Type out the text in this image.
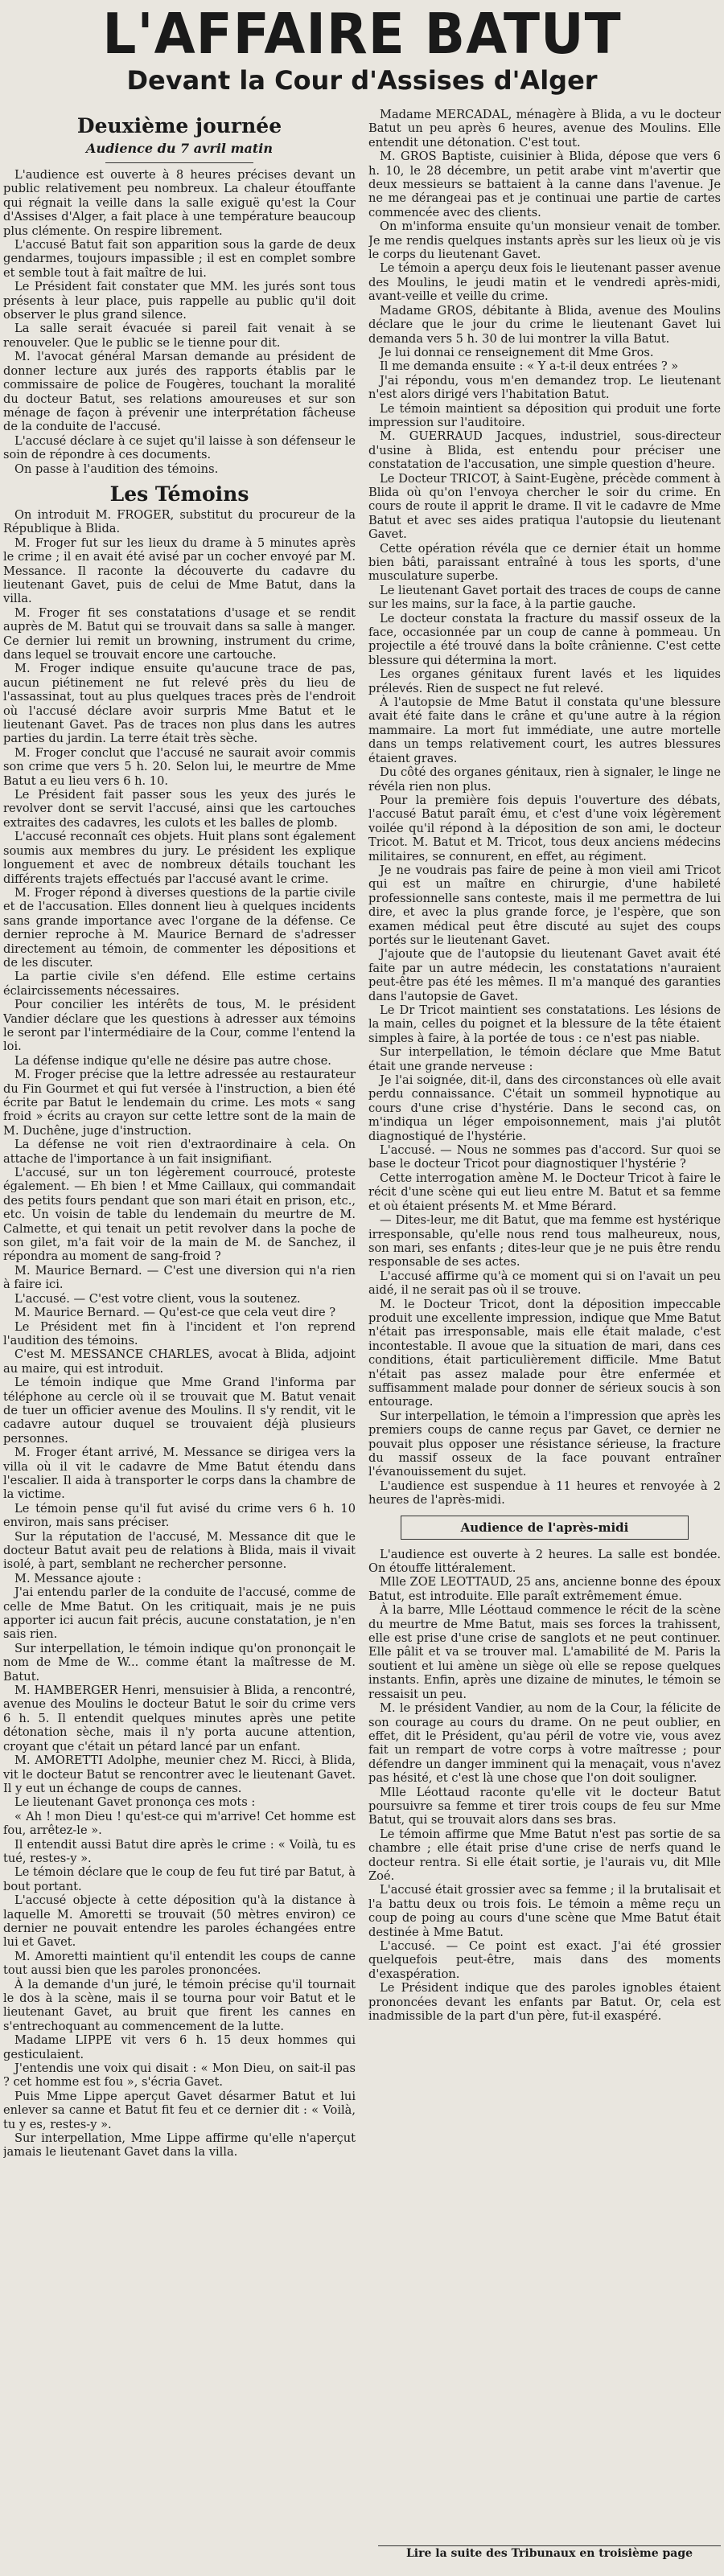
L'AFFAIRE BATUT
Devant la Cour d'Assises d'Alger
Deuxième journée
Audience du 7 avril matin

L'audience est ouverte à 8 heures précises devant un public relativement peu nombreux. La chaleur étouffante qui régnait la veille dans la salle exiguë qu'est la Cour d'Assises d'Alger, a fait place à une température beaucoup plus clémente. On respire librement.

L'accusé Batut fait son apparition sous la garde de deux gendarmes, toujours impassible ; il est en complet sombre et semble tout à fait maître de lui.

Le Président fait constater que MM. les jurés sont tous présents à leur place, puis rappelle au public qu'il doit observer le plus grand silence.

La salle serait évacuée si pareil fait venait à se renouveler. Que le public se le tienne pour dit.

M. l'avocat général Marsan demande au président de donner lecture aux jurés des rapports établis par le commissaire de police de Fougères, touchant la moralité du docteur Batut, ses relations amoureuses et sur son ménage de façon à prévenir une interprétation fâcheuse de la conduite de l'accusé.

L'accusé déclare à ce sujet qu'il laisse à son défenseur le soin de répondre à ces documents.

On passe à l'audition des témoins.

Les Témoins

On introduit M. FROGER, substitut du procureur de la République à Blida.

M. Froger fut sur les lieux du drame à 5 minutes après le crime ; il en avait été avisé par un cocher envoyé par M. Messance. Il raconte la découverte du cadavre du lieutenant Gavet, puis de celui de Mme Batut, dans la villa.

M. Froger fit ses constatations d'usage et se rendit auprès de M. Batut qui se trouvait dans sa salle à manger. Ce dernier lui remit un browning, instrument du crime, dans lequel se trouvait encore une cartouche.

M. Froger indique ensuite qu'aucune trace de pas, aucun piétinement ne fut relevé près du lieu de l'assassinat, tout au plus quelques traces près de l'endroit où l'accusé déclare avoir surpris Mme Batut et le lieutenant Gavet. Pas de traces non plus dans les autres parties du jardin. La terre était très sèche.

M. Froger conclut que l'accusé ne saurait avoir commis son crime que vers 5 h. 20. Selon lui, le meurtre de Mme Batut a eu lieu vers 6 h. 10.

Le Président fait passer sous les yeux des jurés le revolver dont se servit l'accusé, ainsi que les cartouches extraites des cadavres, les culots et les balles de plomb.

L'accusé reconnaît ces objets. Huit plans sont également soumis aux membres du jury. Le président les explique longuement et avec de nombreux détails touchant les différents trajets effectués par l'accusé avant le crime.

M. Froger répond à diverses questions de la partie civile et de l'accusation. Elles donnent lieu à quelques incidents sans grande importance avec l'organe de la défense. Ce dernier reproche à M. Maurice Bernard de s'adresser directement au témoin, de commenter les dépositions et de les discuter.

La partie civile s'en défend. Elle estime certains éclaircissements nécessaires.

Pour concilier les intérêts de tous, M. le président Vandier déclare que les questions à adresser aux témoins le seront par l'intermédiaire de la Cour, comme l'entend la loi.

La défense indique qu'elle ne désire pas autre chose.

M. Froger précise que la lettre adressée au restaurateur du Fin Gourmet et qui fut versée à l'instruction, a bien été écrite par Batut le lendemain du crime. Les mots « sang froid » écrits au crayon sur cette lettre sont de la main de M. Duchêne, juge d'instruction.

La défense ne voit rien d'extraordinaire à cela. On attache de l'importance à un fait insignifiant.

L'accusé, sur un ton légèrement courroucé, proteste également. — Eh bien ! et Mme Caillaux, qui commandait des petits fours pendant que son mari était en prison, etc., etc. Un voisin de table du lendemain du meurtre de M. Calmette, et qui tenait un petit revolver dans la poche de son gilet, m'a fait voir de la main de M. de Sanchez, il répondra au moment de sang-froid ?

M. Maurice Bernard. — C'est une diversion qui n'a rien à faire ici.

L'accusé. — C'est votre client, vous la soutenez.

M. Maurice Bernard. — Qu'est-ce que cela veut dire ?

Le Président met fin à l'incident et l'on reprend l'audition des témoins.

C'est M. MESSANCE CHARLES, avocat à Blida, adjoint au maire, qui est introduit.

Le témoin indique que Mme Grand l'informa par téléphone au cercle où il se trouvait que M. Batut venait de tuer un officier avenue des Moulins. Il s'y rendit, vit le cadavre autour duquel se trouvaient déjà plusieurs personnes.

M. Froger étant arrivé, M. Messance se dirigea vers la villa où il vit le cadavre de Mme Batut étendu dans l'escalier. Il aida à transporter le corps dans la chambre de la victime.

Le témoin pense qu'il fut avisé du crime vers 6 h. 10 environ, mais sans préciser.

Sur la réputation de l'accusé, M. Messance dit que le docteur Batut avait peu de relations à Blida, mais il vivait isolé, à part, semblant ne rechercher personne.

M. Messance ajoute :

J'ai entendu parler de la conduite de l'accusé, comme de celle de Mme Batut. On les critiquait, mais je ne puis apporter ici aucun fait précis, aucune constatation, je n'en sais rien.

Sur interpellation, le témoin indique qu'on prononçait le nom de Mme de W... comme étant la maîtresse de M. Batut.

M. HAMBERGER Henri, mensuisier à Blida, a rencontré, avenue des Moulins le docteur Batut le soir du crime vers 6 h. 5. Il entendit quelques minutes après une petite détonation sèche, mais il n'y porta aucune attention, croyant que c'était un pétard lancé par un enfant.

M. AMORETTI Adolphe, meunier chez M. Ricci, à Blida, vit le docteur Batut se rencontrer avec le lieutenant Gavet. Il y eut un échange de coups de cannes.

Le lieutenant Gavet prononça ces mots :

« Ah ! mon Dieu ! qu'est-ce qui m'arrive! Cet homme est fou, arrêtez-le ».

Il entendit aussi Batut dire après le crime : « Voilà, tu es tué, restes-y ».

Le témoin déclare que le coup de feu fut tiré par Batut, à bout portant.

L'accusé objecte à cette déposition qu'à la distance à laquelle M. Amoretti se trouvait (50 mètres environ) ce dernier ne pouvait entendre les paroles échangées entre lui et Gavet.

M. Amoretti maintient qu'il entendit les coups de canne tout aussi bien que les paroles prononcées.

À la demande d'un juré, le témoin précise qu'il tournait le dos à la scène, mais il se tourna pour voir Batut et le lieutenant Gavet, au bruit que firent les cannes en s'entrechoquant au commencement de la lutte.

Madame LIPPE vit vers 6 h. 15 deux hommes qui gesticulaient.

J'entendis une voix qui disait : « Mon Dieu, on sait-il pas ? cet homme est fou », s'écria Gavet.

Puis Mme Lippe aperçut Gavet désarmer Batut et lui enlever sa canne et Batut fit feu et ce dernier dit : « Voilà, tu y es, restes-y ».

Sur interpellation, Mme Lippe affirme qu'elle n'aperçut jamais le lieutenant Gavet dans la villa.

Madame MERCADAL, ménagère à Blida, a vu le docteur Batut un peu après 6 heures, avenue des Moulins. Elle entendit une détonation. C'est tout.

M. GROS Baptiste, cuisinier à Blida, dépose que vers 6 h. 10, le 28 décembre, un petit arabe vint m'avertir que deux messieurs se battaient à la canne dans l'avenue. Je ne me dérangeai pas et je continuai une partie de cartes commencée avec des clients.

On m'informa ensuite qu'un monsieur venait de tomber. Je me rendis quelques instants après sur les lieux où je vis le corps du lieutenant Gavet.

Le témoin a aperçu deux fois le lieutenant passer avenue des Moulins, le jeudi matin et le vendredi après-midi, avant-veille et veille du crime.

Madame GROS, débitante à Blida, avenue des Moulins déclare que le jour du crime le lieutenant Gavet lui demanda vers 5 h. 30 de lui montrer la villa Batut.

Je lui donnai ce renseignement dit Mme Gros.

Il me demanda ensuite : « Y a-t-il deux entrées ? »

J'ai répondu, vous m'en demandez trop. Le lieutenant n'est alors dirigé vers l'habitation Batut.

Le témoin maintient sa déposition qui produit une forte impression sur l'auditoire.

M. GUERRAUD Jacques, industriel, sous-directeur d'usine à Blida, est entendu pour préciser une constatation de l'accusation, une simple question d'heure.

Le Docteur TRICOT, à Saint-Eugène, précède comment à Blida où qu'on l'envoya chercher le soir du crime. En cours de route il apprit le drame. Il vit le cadavre de Mme Batut et avec ses aides pratiqua l'autopsie du lieutenant Gavet.

Cette opération révéla que ce dernier était un homme bien bâti, paraissant entraîné à tous les sports, d'une musculature superbe.

Le lieutenant Gavet portait des traces de coups de canne sur les mains, sur la face, à la partie gauche.

Le docteur constata la fracture du massif osseux de la face, occasionnée par un coup de canne à pommeau. Un projectile a été trouvé dans la boîte crânienne. C'est cette blessure qui détermina la mort.

Les organes génitaux furent lavés et les liquides prélevés. Rien de suspect ne fut relevé.

À l'autopsie de Mme Batut il constata qu'une blessure avait été faite dans le crâne et qu'une autre à la région mammaire. La mort fut immédiate, une autre mortelle dans un temps relativement court, les autres blessures étaient graves.

Du côté des organes génitaux, rien à signaler, le linge ne révéla rien non plus.

Pour la première fois depuis l'ouverture des débats, l'accusé Batut paraît ému, et c'est d'une voix légèrement voilée qu'il répond à la déposition de son ami, le docteur Tricot. M. Batut et M. Tricot, tous deux anciens médecins militaires, se connurent, en effet, au régiment.

Je ne voudrais pas faire de peine à mon vieil ami Tricot qui est un maître en chirurgie, d'une habileté professionnelle sans conteste, mais il me permettra de lui dire, et avec la plus grande force, je l'espère, que son examen médical peut être discuté au sujet des coups portés sur le lieutenant Gavet.

J'ajoute que de l'autopsie du lieutenant Gavet avait été faite par un autre médecin, les constatations n'auraient peut-être pas été les mêmes. Il m'a manqué des garanties dans l'autopsie de Gavet.

Le Dr Tricot maintient ses constatations. Les lésions de la main, celles du poignet et la blessure de la tête étaient simples à faire, à la portée de tous : ce n'est pas niable.

Sur interpellation, le témoin déclare que Mme Batut était une grande nerveuse :

Je l'ai soignée, dit-il, dans des circonstances où elle avait perdu connaissance. C'était un sommeil hypnotique au cours d'une crise d'hystérie. Dans le second cas, on m'indiqua un léger empoisonnement, mais j'ai plutôt diagnostiqué de l'hystérie.

L'accusé. — Nous ne sommes pas d'accord. Sur quoi se base le docteur Tricot pour diagnostiquer l'hystérie ?

Cette interrogation amène M. le Docteur Tricot à faire le récit d'une scène qui eut lieu entre M. Batut et sa femme et où étaient présents M. et Mme Bérard.

— Dites-leur, me dit Batut, que ma femme est hystérique irresponsable, qu'elle nous rend tous malheureux, nous, son mari, ses enfants ; dites-leur que je ne puis être rendu responsable de ses actes.

L'accusé affirme qu'à ce moment qui si on l'avait un peu aidé, il ne serait pas où il se trouve.

M. le Docteur Tricot, dont la déposition impeccable produit une excellente impression, indique que Mme Batut n'était pas irresponsable, mais elle était malade, c'est incontestable. Il avoue que la situation de mari, dans ces conditions, était particulièrement difficile. Mme Batut n'était pas assez malade pour être enfermée et suffisamment malade pour donner de sérieux soucis à son entourage.

Sur interpellation, le témoin a l'impression que après les premiers coups de canne reçus par Gavet, ce dernier ne pouvait plus opposer une résistance sérieuse, la fracture du massif osseux de la face pouvant entraîner l'évanouissement du sujet.

L'audience est suspendue à 11 heures et renvoyée à 2 heures de l'après-midi.

Audience de l'après-midi

L'audience est ouverte à 2 heures. La salle est bondée. On étouffe littéralement.

Mlle ZOE LEOTTAUD, 25 ans, ancienne bonne des époux Batut, est introduite. Elle paraît extrêmement émue.

À la barre, Mlle Léottaud commence le récit de la scène du meurtre de Mme Batut, mais ses forces la trahissent, elle est prise d'une crise de sanglots et ne peut continuer. Elle pâlit et va se trouver mal. L'amabilité de M. Paris la soutient et lui amène un siège où elle se repose quelques instants. Enfin, après une dizaine de minutes, le témoin se ressaisit un peu.

M. le président Vandier, au nom de la Cour, la félicite de son courage au cours du drame. On ne peut oublier, en effet, dit le Président, qu'au péril de votre vie, vous avez fait un rempart de votre corps à votre maîtresse ; pour défendre un danger imminent qui la menaçait, vous n'avez pas hésité, et c'est là une chose que l'on doit souligner.

Mlle Léottaud raconte qu'elle vit le docteur Batut poursuivre sa femme et tirer trois coups de feu sur Mme Batut, qui se trouvait alors dans ses bras.

Le témoin affirme que Mme Batut n'est pas sortie de sa chambre ; elle était prise d'une crise de nerfs quand le docteur rentra. Si elle était sortie, je l'aurais vu, dit Mlle Zoé.

L'accusé était grossier avec sa femme ; il la brutalisait et l'a battu deux ou trois fois. Le témoin a même reçu un coup de poing au cours d'une scène que Mme Batut était destinée à Mme Batut.

L'accusé. — Ce point est exact. J'ai été grossier quelquefois peut-être, mais dans des moments d'exaspération.

Le Président indique que des paroles ignobles étaient prononcées devant les enfants par Batut. Or, cela est inadmissible de la part d'un père, fut-il exaspéré.

Lire la suite des Tribunaux en troisième page
